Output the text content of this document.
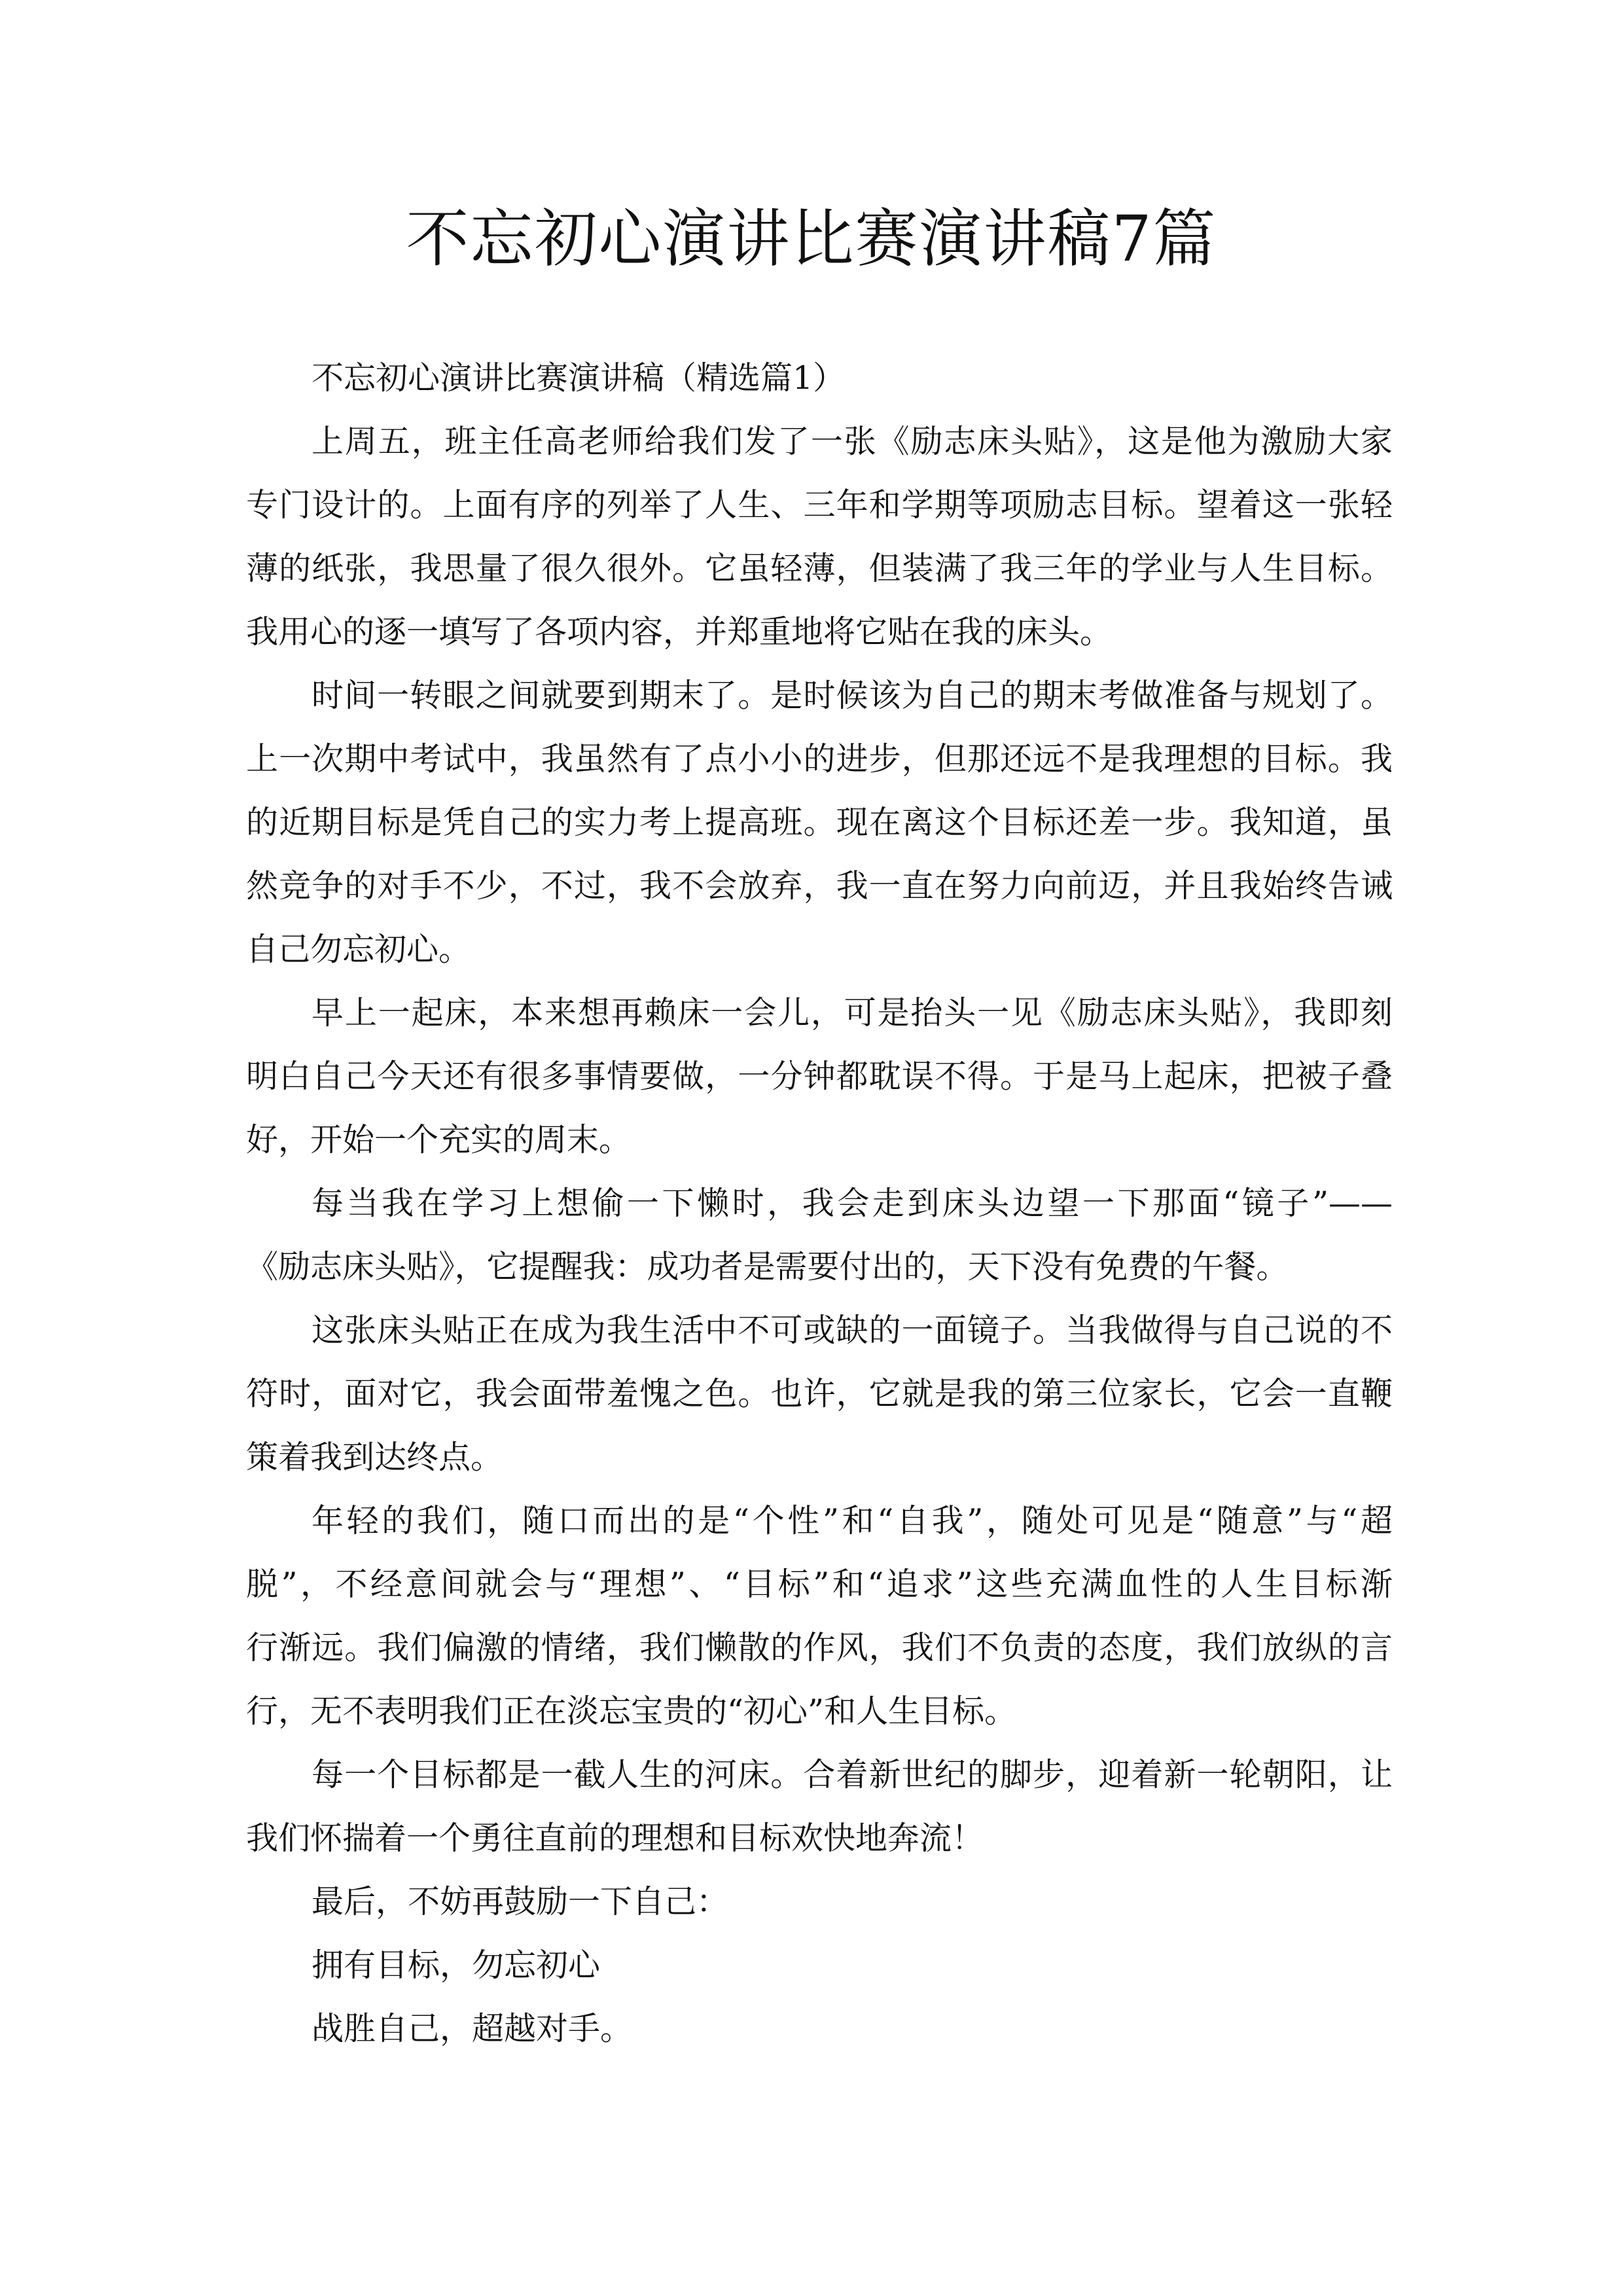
不忘初心演讲比赛演讲稿7篇
不忘初心演讲比赛演讲稿（精选篇1）
上周五，班主任高老师给我们发了一张《励志床头贴》，这是他为激励大家
专门设计的。上面有序的列举了人生、三年和学期等项励志目标。望着这一张轻
薄的纸张，我思量了很久很外。它虽轻薄，但装满了我三年的学业与人生目标。
我用心的逐一填写了各项内容，并郑重地将它贴在我的床头。
时间一转眼之间就要到期末了。是时候该为自己的期末考做准备与规划了。
上一次期中考试中，我虽然有了点小小的进步，但那还远不是我理想的目标。我
的近期目标是凭自己的实力考上提高班。现在离这个目标还差一步。我知道，虽
然竞争的对手不少，不过，我不会放弃，我一直在努力向前迈，并且我始终告诫
自己勿忘初心。
早上一起床，本来想再赖床一会儿，可是抬头一见《励志床头贴》，我即刻
明白自己今天还有很多事情要做，一分钟都耽误不得。于是马上起床，把被子叠
好，开始一个充实的周末。
每当我在学习上想偷一下懒时，我会走到床头边望一下那面“镜子”——
《励志床头贴》，它提醒我：成功者是需要付出的，天下没有免费的午餐。
这张床头贴正在成为我生活中不可或缺的一面镜子。当我做得与自己说的不
符时，面对它，我会面带羞愧之色。也许，它就是我的第三位家长，它会一直鞭
策着我到达终点。
年轻的我们，随口而出的是“个性”和“自我”，随处可见是“随意”与“超
脱”，不经意间就会与“理想”、“目标”和“追求”这些充满血性的人生目标渐
行渐远。我们偏激的情绪，我们懒散的作风，我们不负责的态度，我们放纵的言
行，无不表明我们正在淡忘宝贵的“初心”和人生目标。
每一个目标都是一截人生的河床。合着新世纪的脚步，迎着新一轮朝阳，让
我们怀揣着一个勇往直前的理想和目标欢快地奔流！
最后，不妨再鼓励一下自己：
拥有目标，勿忘初心
战胜自己，超越对手。
